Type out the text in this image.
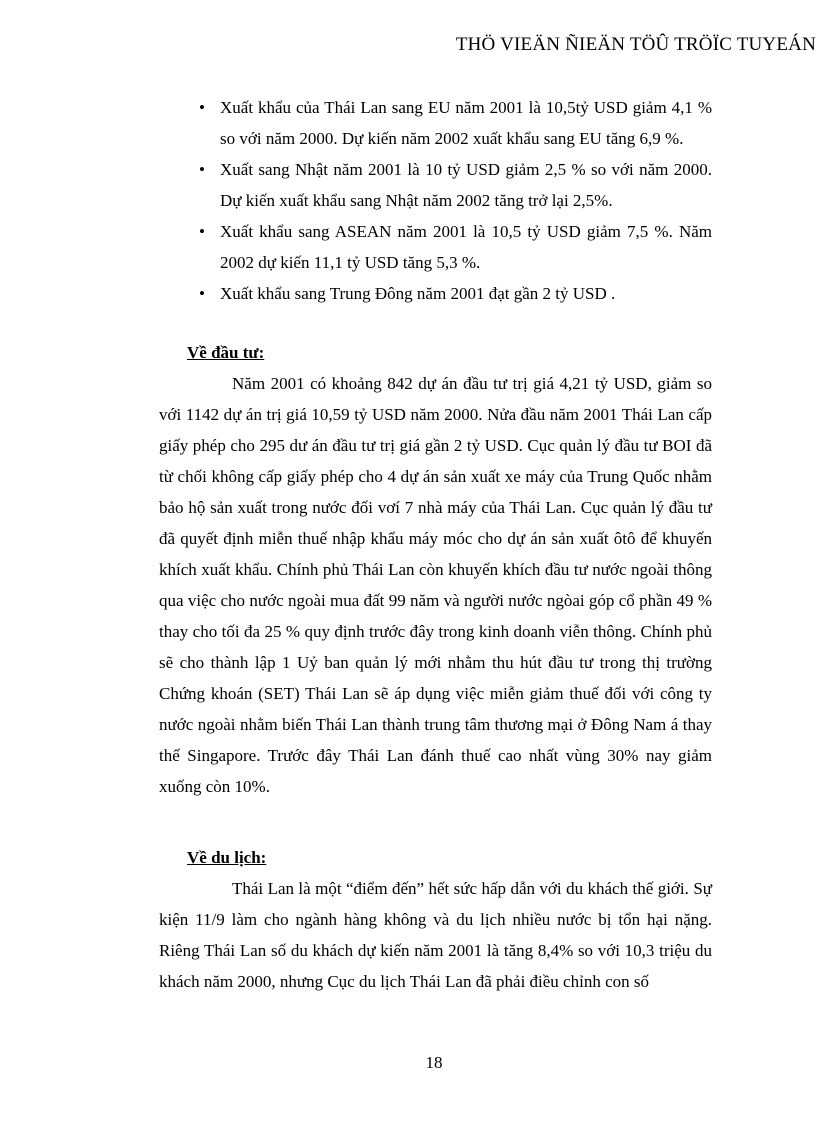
THÖ VIEÄN ÑIEÄN TÖÛ TRÖÏC TUYEÁN
• Xuất khẩu của Thái Lan sang EU năm 2001 là 10,5tỷ USD giảm 4,1 % so với năm 2000. Dự kiến năm 2002 xuất khẩu sang EU tăng 6,9 %.
• Xuất sang Nhật năm 2001 là 10 tỷ USD giảm 2,5 % so với năm 2000. Dự kiến xuất khẩu sang Nhật năm 2002 tăng trở lại 2,5%.
• Xuất khẩu sang ASEAN năm 2001 là 10,5 tỷ USD giảm 7,5 %. Năm 2002 dự kiến 11,1 tỷ USD tăng 5,3 %.
• Xuất khẩu sang Trung Đông năm 2001 đạt gần 2 tỷ USD .
Về đầu tư:

Năm 2001 có khoảng 842 dự án đầu tư trị giá 4,21 tỷ USD, giảm so với 1142 dự án trị giá 10,59 tỷ USD năm 2000. Nửa đầu năm 2001 Thái Lan cấp giấy phép cho 295 dư án đầu tư trị giá gần 2 tỷ USD. Cục quản lý đầu tư BOI đã từ chối không cấp giấy phép cho 4 dự án sản xuất xe máy của Trung Quốc nhằm bảo hộ sản xuất trong nước đối vơí 7 nhà máy của Thái Lan. Cục quản lý đầu tư đã quyết định miễn thuế nhập khẩu máy móc cho dự án sản xuất ôtô để khuyến khích xuất khẩu. Chính phủ Thái Lan còn khuyến khích đầu tư nước ngoài thông qua việc cho nước ngoài mua đất 99 năm và người nước ngòai góp cổ phần 49 % thay cho tối đa 25 % quy định trước đây trong kinh doanh viễn thông. Chính phủ sẽ cho thành lập 1 Uỷ ban quản lý mới nhằm thu hút đầu tư trong thị trường Chứng khoán (SET) Thái Lan sẽ áp dụng việc miễn giảm thuế đối với công ty nước ngoài nhằm biến Thái Lan thành trung tâm thương mại ở Đông Nam á thay thế Singapore. Trước đây Thái Lan đánh thuế cao nhất vùng 30% nay giảm xuống còn 10%.

Về du lịch:

Thái Lan là một “điểm đến” hết sức hấp dẫn với du khách thế giới. Sự kiện 11/9 làm cho ngành hàng không và du lịch nhiều nước bị tổn hại nặng. Riêng Thái Lan số du khách dự kiến năm 2001 là tăng 8,4% so với 10,3 triệu du khách năm 2000, nhưng Cục du lịch Thái Lan đã phải điều chỉnh con số

18
